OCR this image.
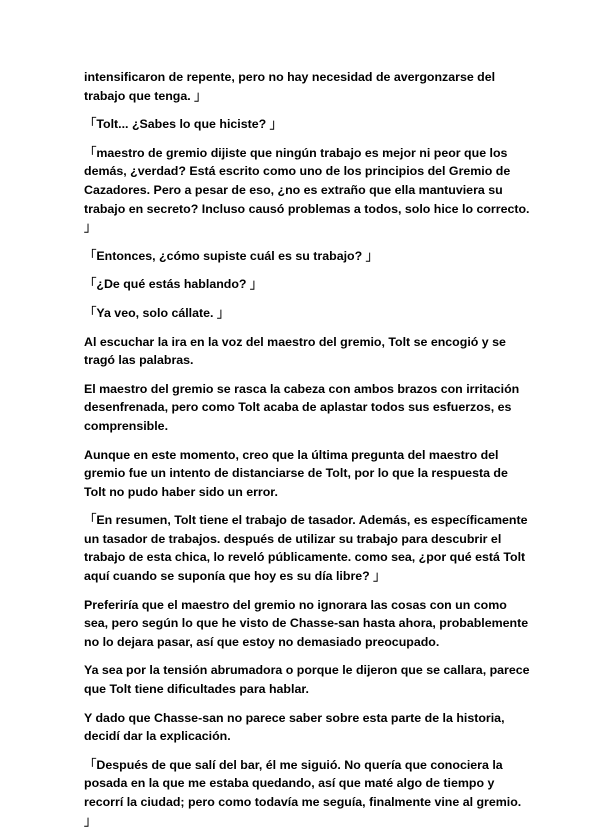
intensificaron de repente, pero no hay necesidad de avergonzarse del trabajo que tenga. 」

「Tolt... ¿Sabes lo que hiciste? 」

「maestro de gremio dijiste que ningún trabajo es mejor ni peor que los demás, ¿verdad? Está escrito como uno de los principios del Gremio de Cazadores. Pero a pesar de eso, ¿no es extraño que ella mantuviera su trabajo en secreto? Incluso causó problemas a todos, solo hice lo correcto. 」

「Entonces, ¿cómo supiste cuál es su trabajo? 」

「¿De qué estás hablando? 」

「Ya veo, solo cállate. 」

Al escuchar la ira en la voz del maestro del gremio, Tolt se encogió y se tragó las palabras.

El maestro del gremio se rasca la cabeza con ambos brazos con irritación desenfrenada, pero como Tolt acaba de aplastar todos sus esfuerzos, es comprensible.

Aunque en este momento, creo que la última pregunta del maestro del gremio fue un intento de distanciarse de Tolt, por lo que la respuesta de Tolt no pudo haber sido un error.

「En resumen, Tolt tiene el trabajo de tasador. Además, es específicamente un tasador de trabajos. después de utilizar su trabajo para descubrir el trabajo de esta chica, lo reveló públicamente. como sea, ¿por qué está Tolt aquí cuando se suponía que hoy es su día libre? 」

Preferiría que el maestro del gremio no ignorara las cosas con un como sea, pero según lo que he visto de Chasse-san hasta ahora, probablemente no lo dejara pasar, así que estoy no demasiado preocupado.

Ya sea por la tensión abrumadora o porque le dijeron que se callara, parece que Tolt tiene dificultades para hablar.

Y dado que Chasse-san no parece saber sobre esta parte de la historia, decidí dar la explicación.

「Después de que salí del bar, él me siguió. No quería que conociera la posada en la que me estaba quedando, así que maté algo de tiempo y recorrí la ciudad; pero como todavía me seguía, finalmente vine al gremio. 」
